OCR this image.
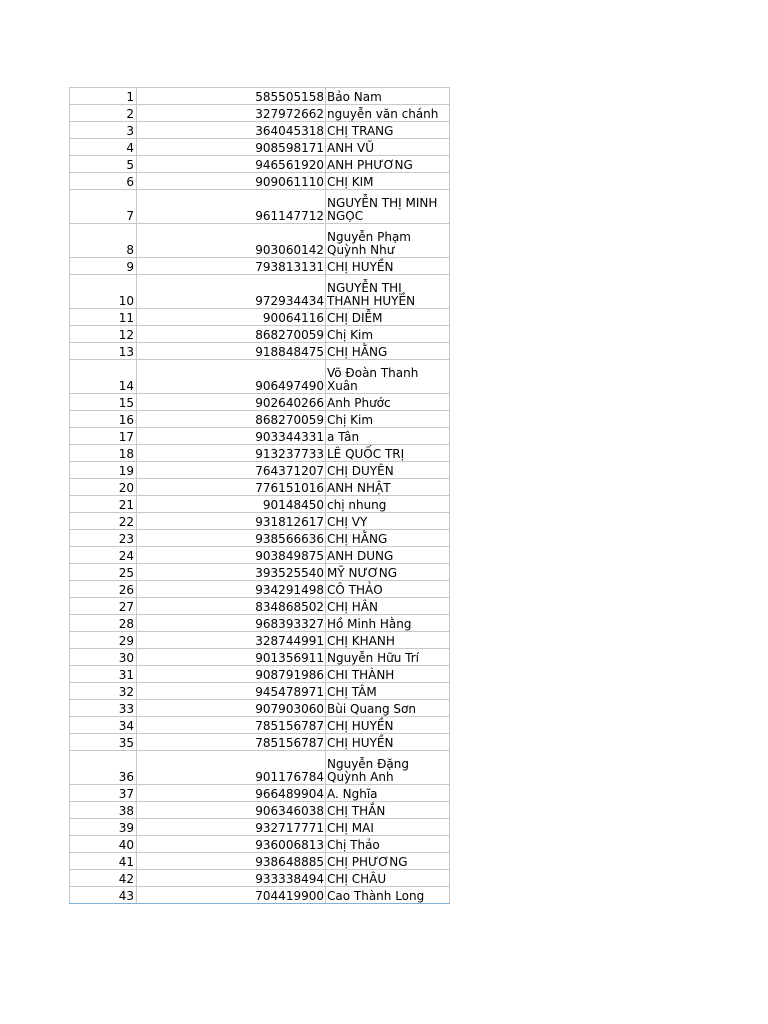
1	585505158	Bảo Nam
2	327972662	nguyễn văn chánh
3	364045318	CHỊ TRANG
4	908598171	ANH VŨ
5	946561920	ANH PHƯƠNG
6	909061110	CHỊ KIM
7	961147712	NGUYỄN THỊ MINH NGỌC
8	903060142	Nguyễn Phạm Quỳnh Như
9	793813131	CHỊ HUYỀN
10	972934434	NGUYỄN THỊ THANH HUYỀN
11	90064116	CHỊ DIỄM
12	868270059	Chị Kim
13	918848475	CHỊ HẰNG
14	906497490	Võ Đoàn Thanh Xuân
15	902640266	Anh Phước
16	868270059	Chị Kim
17	903344331	a Tân
18	913237733	LÊ QUỐC TRỊ
19	764371207	CHỊ DUYÊN
20	776151016	ANH NHẬT
21	90148450	chị nhung
22	931812617	CHỊ VY
23	938566636	CHỊ HẰNG
24	903849875	ANH DUNG
25	393525540	MỸ NƯƠNG
26	934291498	CÔ THẢO
27	834868502	CHỊ HÂN
28	968393327	Hồ Minh Hằng
29	328744991	CHỊ KHANH
30	901356911	Nguyễn Hữu Trí
31	908791986	CHI THÀNH
32	945478971	CHỊ TÂM
33	907903060	Bùi Quang Sơn
34	785156787	CHỊ HUYỀN
35	785156787	CHỊ HUYỀN
36	901176784	Nguyễn Đặng Quỳnh Anh
37	966489904	A. Nghĩa
38	906346038	CHỊ THẮN
39	932717771	CHỊ MAI
40	936006813	Chị Thảo
41	938648885	CHỊ PHƯƠNG
42	933338494	CHỊ CHÂU
43	704419900	Cao Thành Long
